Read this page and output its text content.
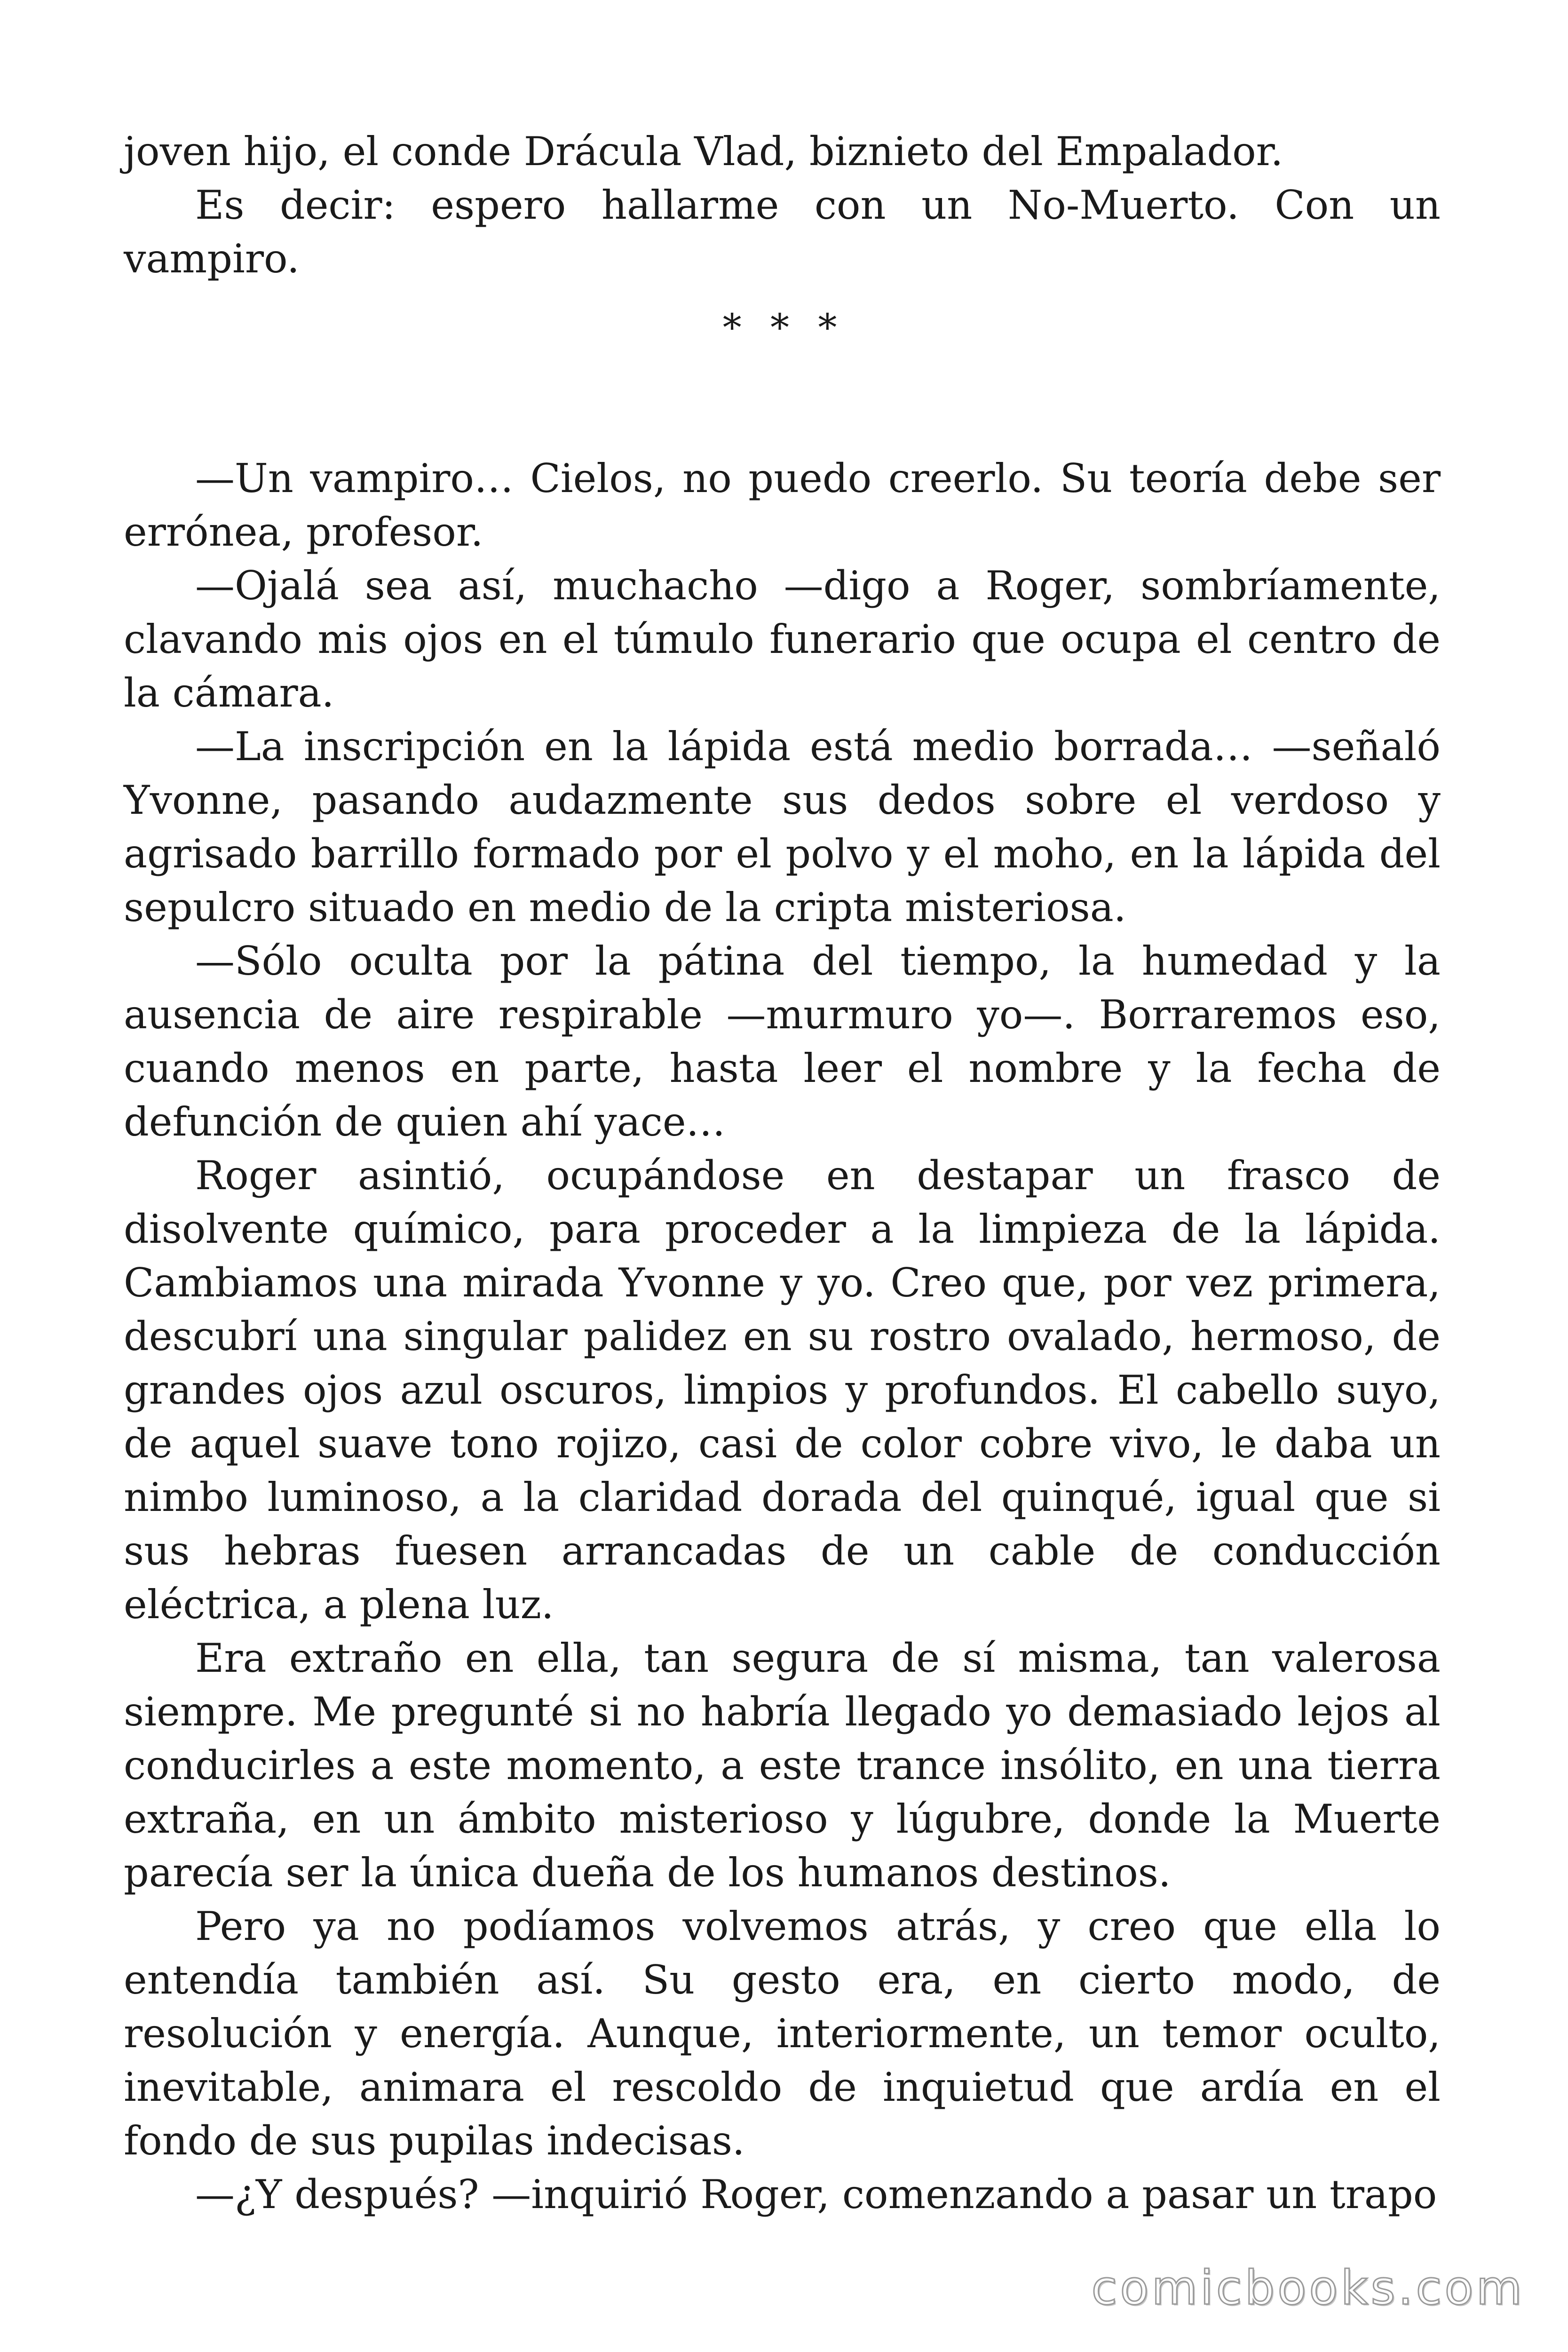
joven hijo, el conde Drácula Vlad, biznieto del Empalador.

Es decir: espero hallarme con un No-Muerto. Con un vampiro.

* * *

—Un vampiro… Cielos, no puedo creerlo. Su teoría debe ser errónea, profesor.

—Ojalá sea así, muchacho —digo a Roger, sombríamente, clavando mis ojos en el túmulo funerario que ocupa el centro de la cámara.

—La inscripción en la lápida está medio borrada… —señaló Yvonne, pasando audazmente sus dedos sobre el verdoso y agrisado barrillo formado por el polvo y el moho, en la lápida del sepulcro situado en medio de la cripta misteriosa.

—Sólo oculta por la pátina del tiempo, la humedad y la ausencia de aire respirable —murmuro yo—. Borraremos eso, cuando menos en parte, hasta leer el nombre y la fecha de defunción de quien ahí yace…

Roger asintió, ocupándose en destapar un frasco de disolvente químico, para proceder a la limpieza de la lápida. Cambiamos una mirada Yvonne y yo. Creo que, por vez primera, descubrí una singular palidez en su rostro ovalado, hermoso, de grandes ojos azul oscuros, limpios y profundos. El cabello suyo, de aquel suave tono rojizo, casi de color cobre vivo, le daba un nimbo luminoso, a la claridad dorada del quinqué, igual que si sus hebras fuesen arrancadas de un cable de conducción eléctrica, a plena luz.

Era extraño en ella, tan segura de sí misma, tan valerosa siempre. Me pregunté si no habría llegado yo demasiado lejos al conducirles a este momento, a este trance insólito, en una tierra extraña, en un ámbito misterioso y lúgubre, donde la Muerte parecía ser la única dueña de los humanos destinos.

Pero ya no podíamos volvemos atrás, y creo que ella lo entendía también así. Su gesto era, en cierto modo, de resolución y energía. Aunque, interiormente, un temor oculto, inevitable, animara el rescoldo de inquietud que ardía en el fondo de sus pupilas indecisas.

—¿Y después? —inquirió Roger, comenzando a pasar un trapo

comicbooks.com
